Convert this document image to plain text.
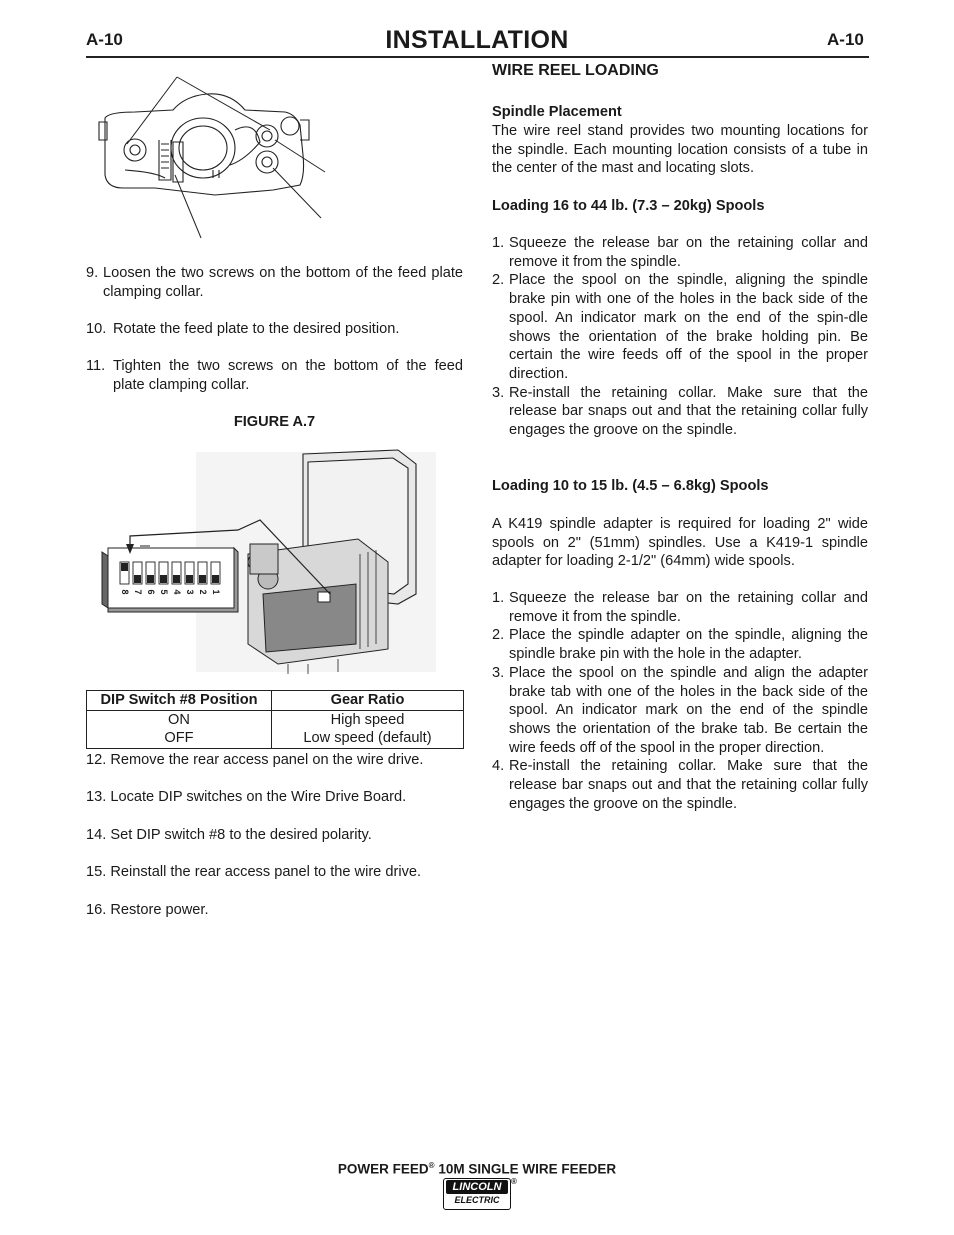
A-10	INSTALLATION	A-10
9. Loosen the two screws on the bottom of the feed plate clamping collar.
10. Rotate the feed plate to the desired position.
11. Tighten the two screws on the bottom of the feed plate clamping collar.
FIGURE A.7
8 7 6 5 4 3 2 1
DIP Switch #8 Position	Gear Ratio
ON	High speed
OFF	Low speed (default)
12. Remove the rear access panel on the wire drive.
13. Locate DIP switches on the Wire Drive Board.
14. Set DIP switch #8 to the desired polarity.
15. Reinstall the rear access panel to the wire drive.
16. Restore power.
WIRE REEL LOADING
Spindle Placement
The wire reel stand provides two mounting locations for the spindle. Each mounting location consists of a tube in the center of the mast and locating slots.
Loading 16 to 44 lb. (7.3 – 20kg) Spools
1. Squeeze the release bar on the retaining collar and remove it from the spindle.
2. Place the spool on the spindle, aligning the spindle brake pin with one of the holes in the back side of the spool. An indicator mark on the end of the spin-dle shows the orientation of the brake holding pin. Be certain the wire feeds off of the spool in the proper direction.
3. Re-install the retaining collar. Make sure that the release bar snaps out and that the retaining collar fully engages the groove on the spindle.
Loading 10 to 15 lb. (4.5 – 6.8kg) Spools
A K419 spindle adapter is required for loading 2" wide spools on 2" (51mm) spindles. Use a K419-1 spindle adapter for loading 2-1/2" (64mm) wide spools.
1. Squeeze the release bar on the retaining collar and remove it from the spindle.
2. Place the spindle adapter on the spindle, aligning the spindle brake pin with the hole in the adapter.
3. Place the spool on the spindle and align the adapter brake tab with one of the holes in the back side of the spool. An indicator mark on the end of the spindle shows the orientation of the brake tab. Be certain the wire feeds off of the spool in the proper direction.
4. Re-install the retaining collar. Make sure that the release bar snaps out and that the retaining collar fully engages the groove on the spindle.
POWER FEED® 10M SINGLE WIRE FEEDER
LINCOLN
ELECTRIC
®
